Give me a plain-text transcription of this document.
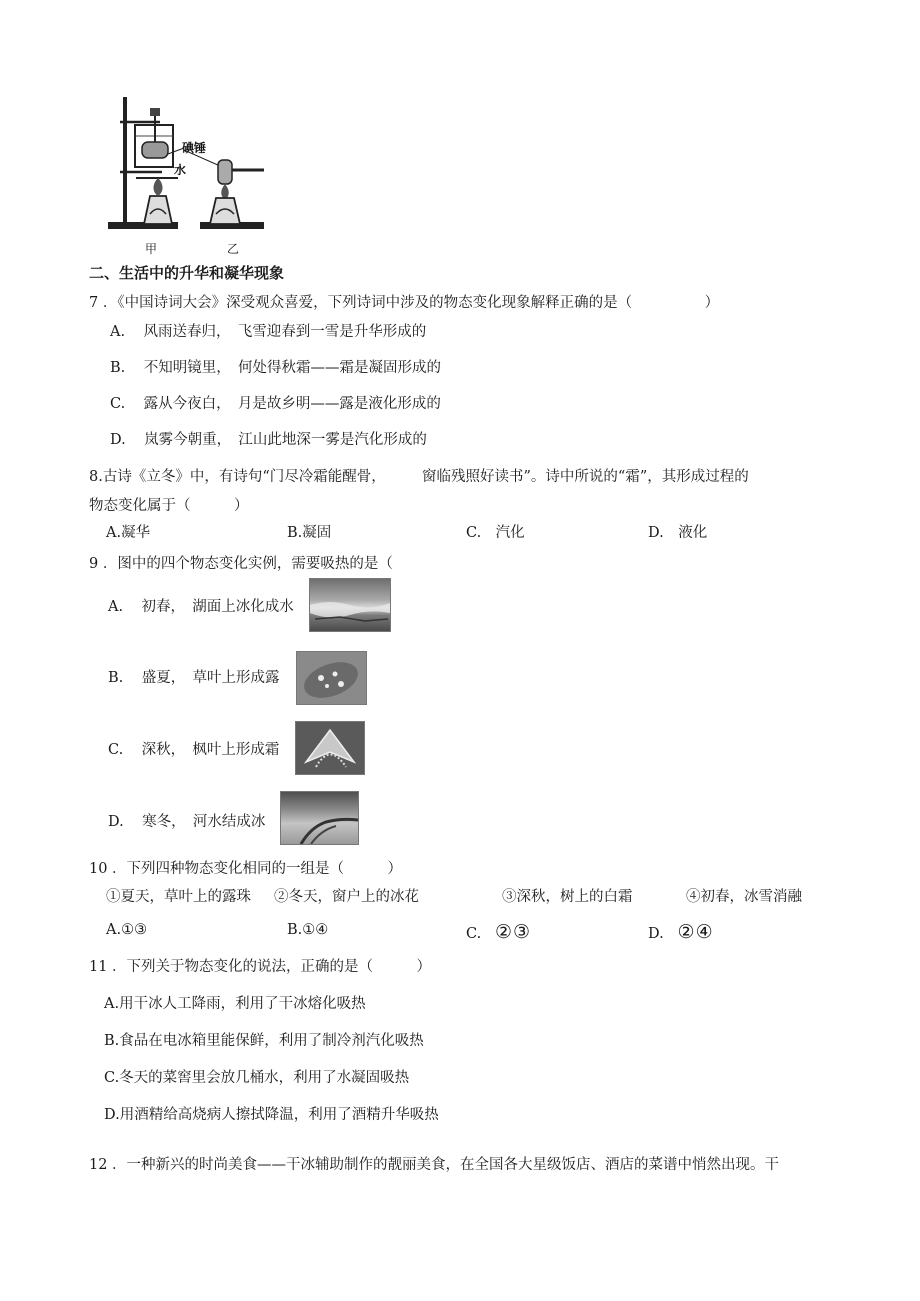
碘锤
水
甲	乙
二、生活中的升华和凝华现象
7 ．《中国诗词大会》深受观众喜爱，下列诗词中涉及的物态变化现象解释正确的是（　　　　　）
A. 风雨送春归，　飞雪迎春到一雪是升华形成的
B. 不知明镜里，　何处得秋霜——霜是凝固形成的
C. 露从今夜白，　月是故乡明——露是液化形成的
D. 岚雾今朝重，　江山此地深一雾是汽化形成的
8.古诗《立冬》中，有诗句“门尽冷霜能醒骨，　　　窗临残照好读书”。诗中所说的“霜”，其形成过程的
物态变化属于（　　　）
A.凝华	B.凝固	C.　汽化	D.　液化
9 ．图中的四个物态变化实例，需要吸热的是（
A. 初春，　湖面上冰化成水
B. 盛夏，　草叶上形成露
C. 深秋，　枫叶上形成霜
D. 寒冬，　河水结成冰
10 ．下列四种物态变化相同的一组是（　　　）
①夏天，草叶上的露珠 ②冬天，窗户上的冰花	③深秋，树上的白霜	④初春，冰雪消融
A.①③	B.①④	C. ②③	D. ②④
11 ．下列关于物态变化的说法，正确的是（　　　）
A.用干冰人工降雨，利用了干冰熔化吸热
B.食品在电冰箱里能保鲜，利用了制冷剂汽化吸热
C.冬天的菜窖里会放几桶水，利用了水凝固吸热
D.用酒精给高烧病人擦拭降温，利用了酒精升华吸热
12 ．一种新兴的时尚美食——干冰辅助制作的靓丽美食，在全国各大星级饭店、酒店的菜谱中悄然出现。干
